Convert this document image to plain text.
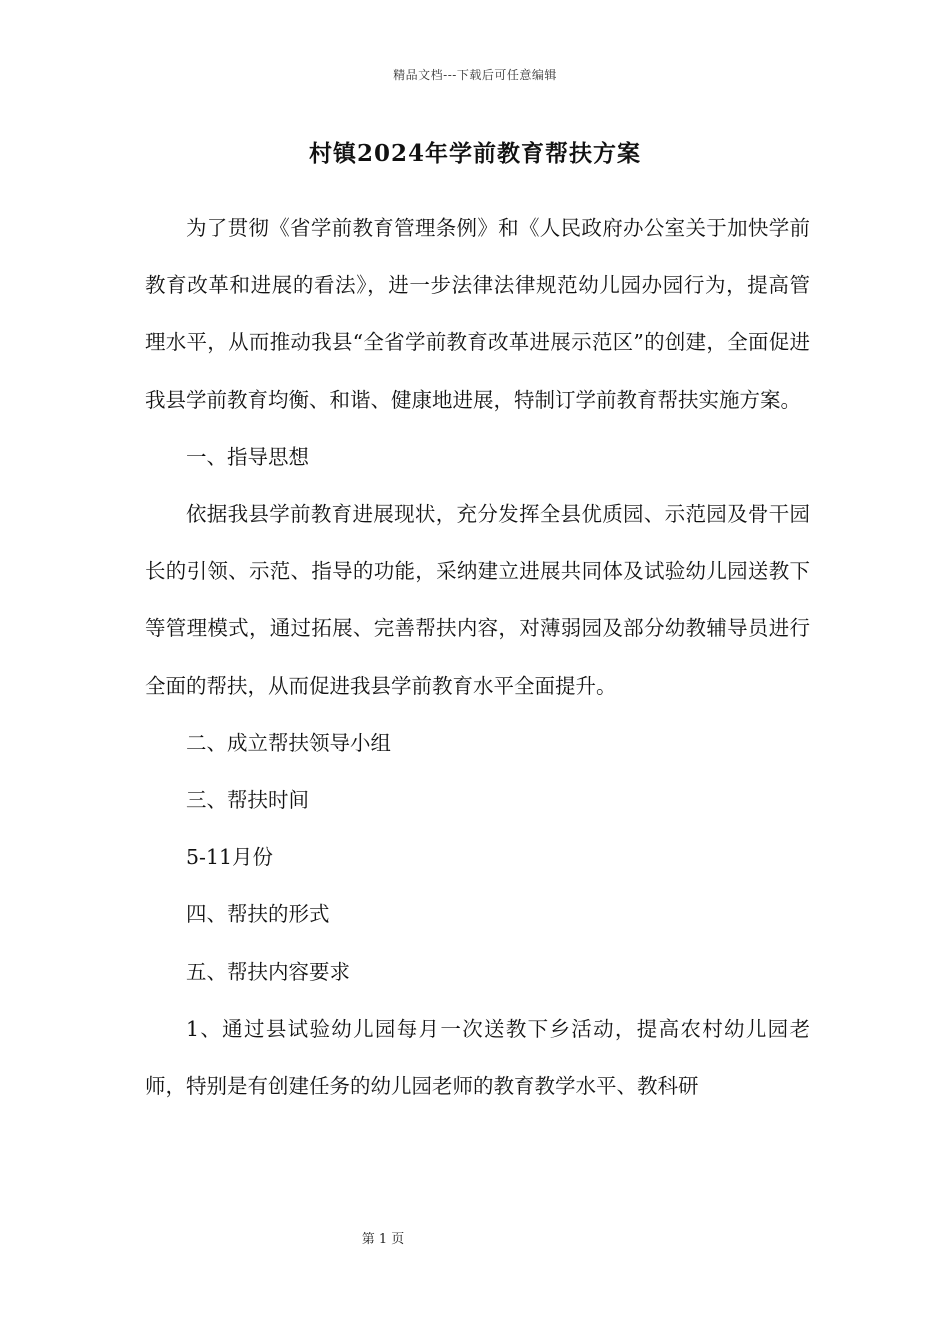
精品文档---下载后可任意编辑
村镇2024年学前教育帮扶方案

为了贯彻《省学前教育管理条例》和《人民政府办公室关于加快学前教育改革和进展的看法》，进一步法律法律规范幼儿园办园行为，提高管理水平，从而推动我县“全省学前教育改革进展示范区”的创建，全面促进我县学前教育均衡、和谐、健康地进展，特制订学前教育帮扶实施方案。

一、指导思想

依据我县学前教育进展现状，充分发挥全县优质园、示范园及骨干园长的引领、示范、指导的功能，采纳建立进展共同体及试验幼儿园送教下等管理模式，通过拓展、完善帮扶内容，对薄弱园及部分幼教辅导员进行全面的帮扶，从而促进我县学前教育水平全面提升。

二、成立帮扶领导小组

三、帮扶时间

5-11月份

四、帮扶的形式

五、帮扶内容要求

1、通过县试验幼儿园每月一次送教下乡活动，提高农村幼儿园老师，特别是有创建任务的幼儿园老师的教育教学水平、教科研

第 1 页
